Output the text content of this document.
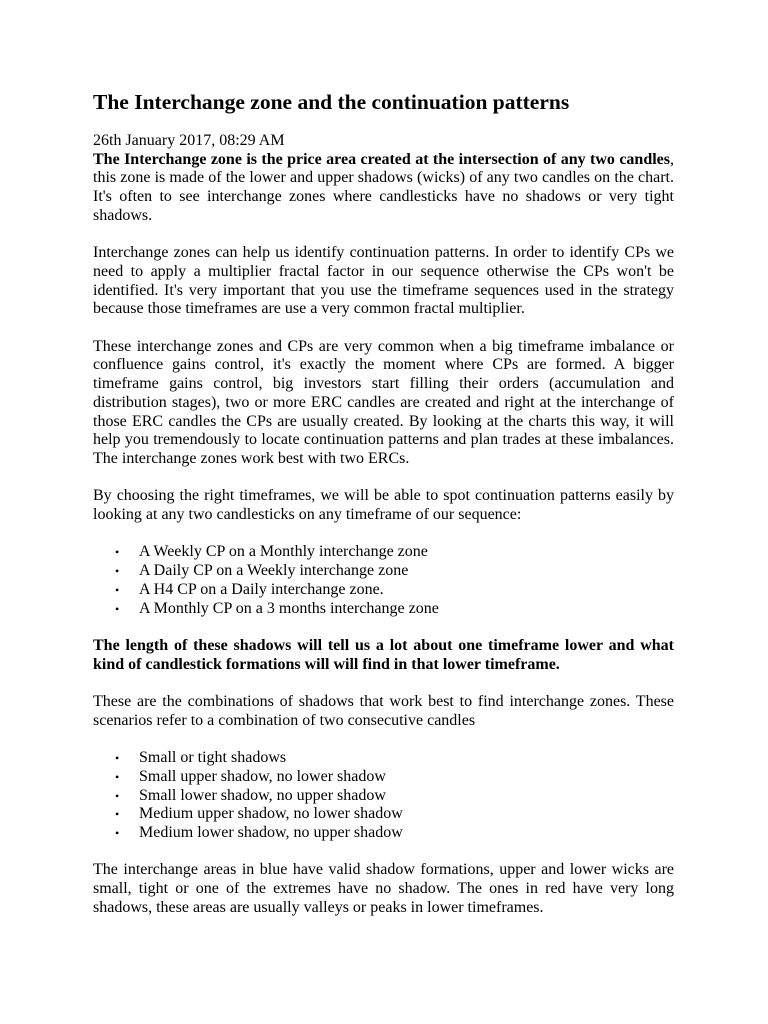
The Interchange zone and the continuation patterns

26th January 2017, 08:29 AM

The Interchange zone is the price area created at the intersection of any two candles, this zone is made of the lower and upper shadows (wicks) of any two candles on the chart. It's often to see interchange zones where candlesticks have no shadows or very tight shadows.

Interchange zones can help us identify continuation patterns. In order to identify CPs we need to apply a multiplier fractal factor in our sequence otherwise the CPs won't be identified. It's very important that you use the timeframe sequences used in the strategy because those timeframes are use a very common fractal multiplier.

These interchange zones and CPs are very common when a big timeframe imbalance or confluence gains control, it's exactly the moment where CPs are formed. A bigger timeframe gains control, big investors start filling their orders (accumulation and distribution stages), two or more ERC candles are created and right at the interchange of those ERC candles the CPs are usually created. By looking at the charts this way, it will help you tremendously to locate continuation patterns and plan trades at these imbalances. The interchange zones work best with two ERCs.

By choosing the right timeframes, we will be able to spot continuation patterns easily by looking at any two candlesticks on any timeframe of our sequence:

• A Weekly CP on a Monthly interchange zone
• A Daily CP on a Weekly interchange zone
• A H4 CP on a Daily interchange zone.
• A Monthly CP on a 3 months interchange zone

The length of these shadows will tell us a lot about one timeframe lower and what kind of candlestick formations will will find in that lower timeframe.

These are the combinations of shadows that work best to find interchange zones. These scenarios refer to a combination of two consecutive candles

• Small or tight shadows
• Small upper shadow, no lower shadow
• Small lower shadow, no upper shadow
• Medium upper shadow, no lower shadow
• Medium lower shadow, no upper shadow

The interchange areas in blue have valid shadow formations, upper and lower wicks are small, tight or one of the extremes have no shadow. The ones in red have very long shadows, these areas are usually valleys or peaks in lower timeframes.
